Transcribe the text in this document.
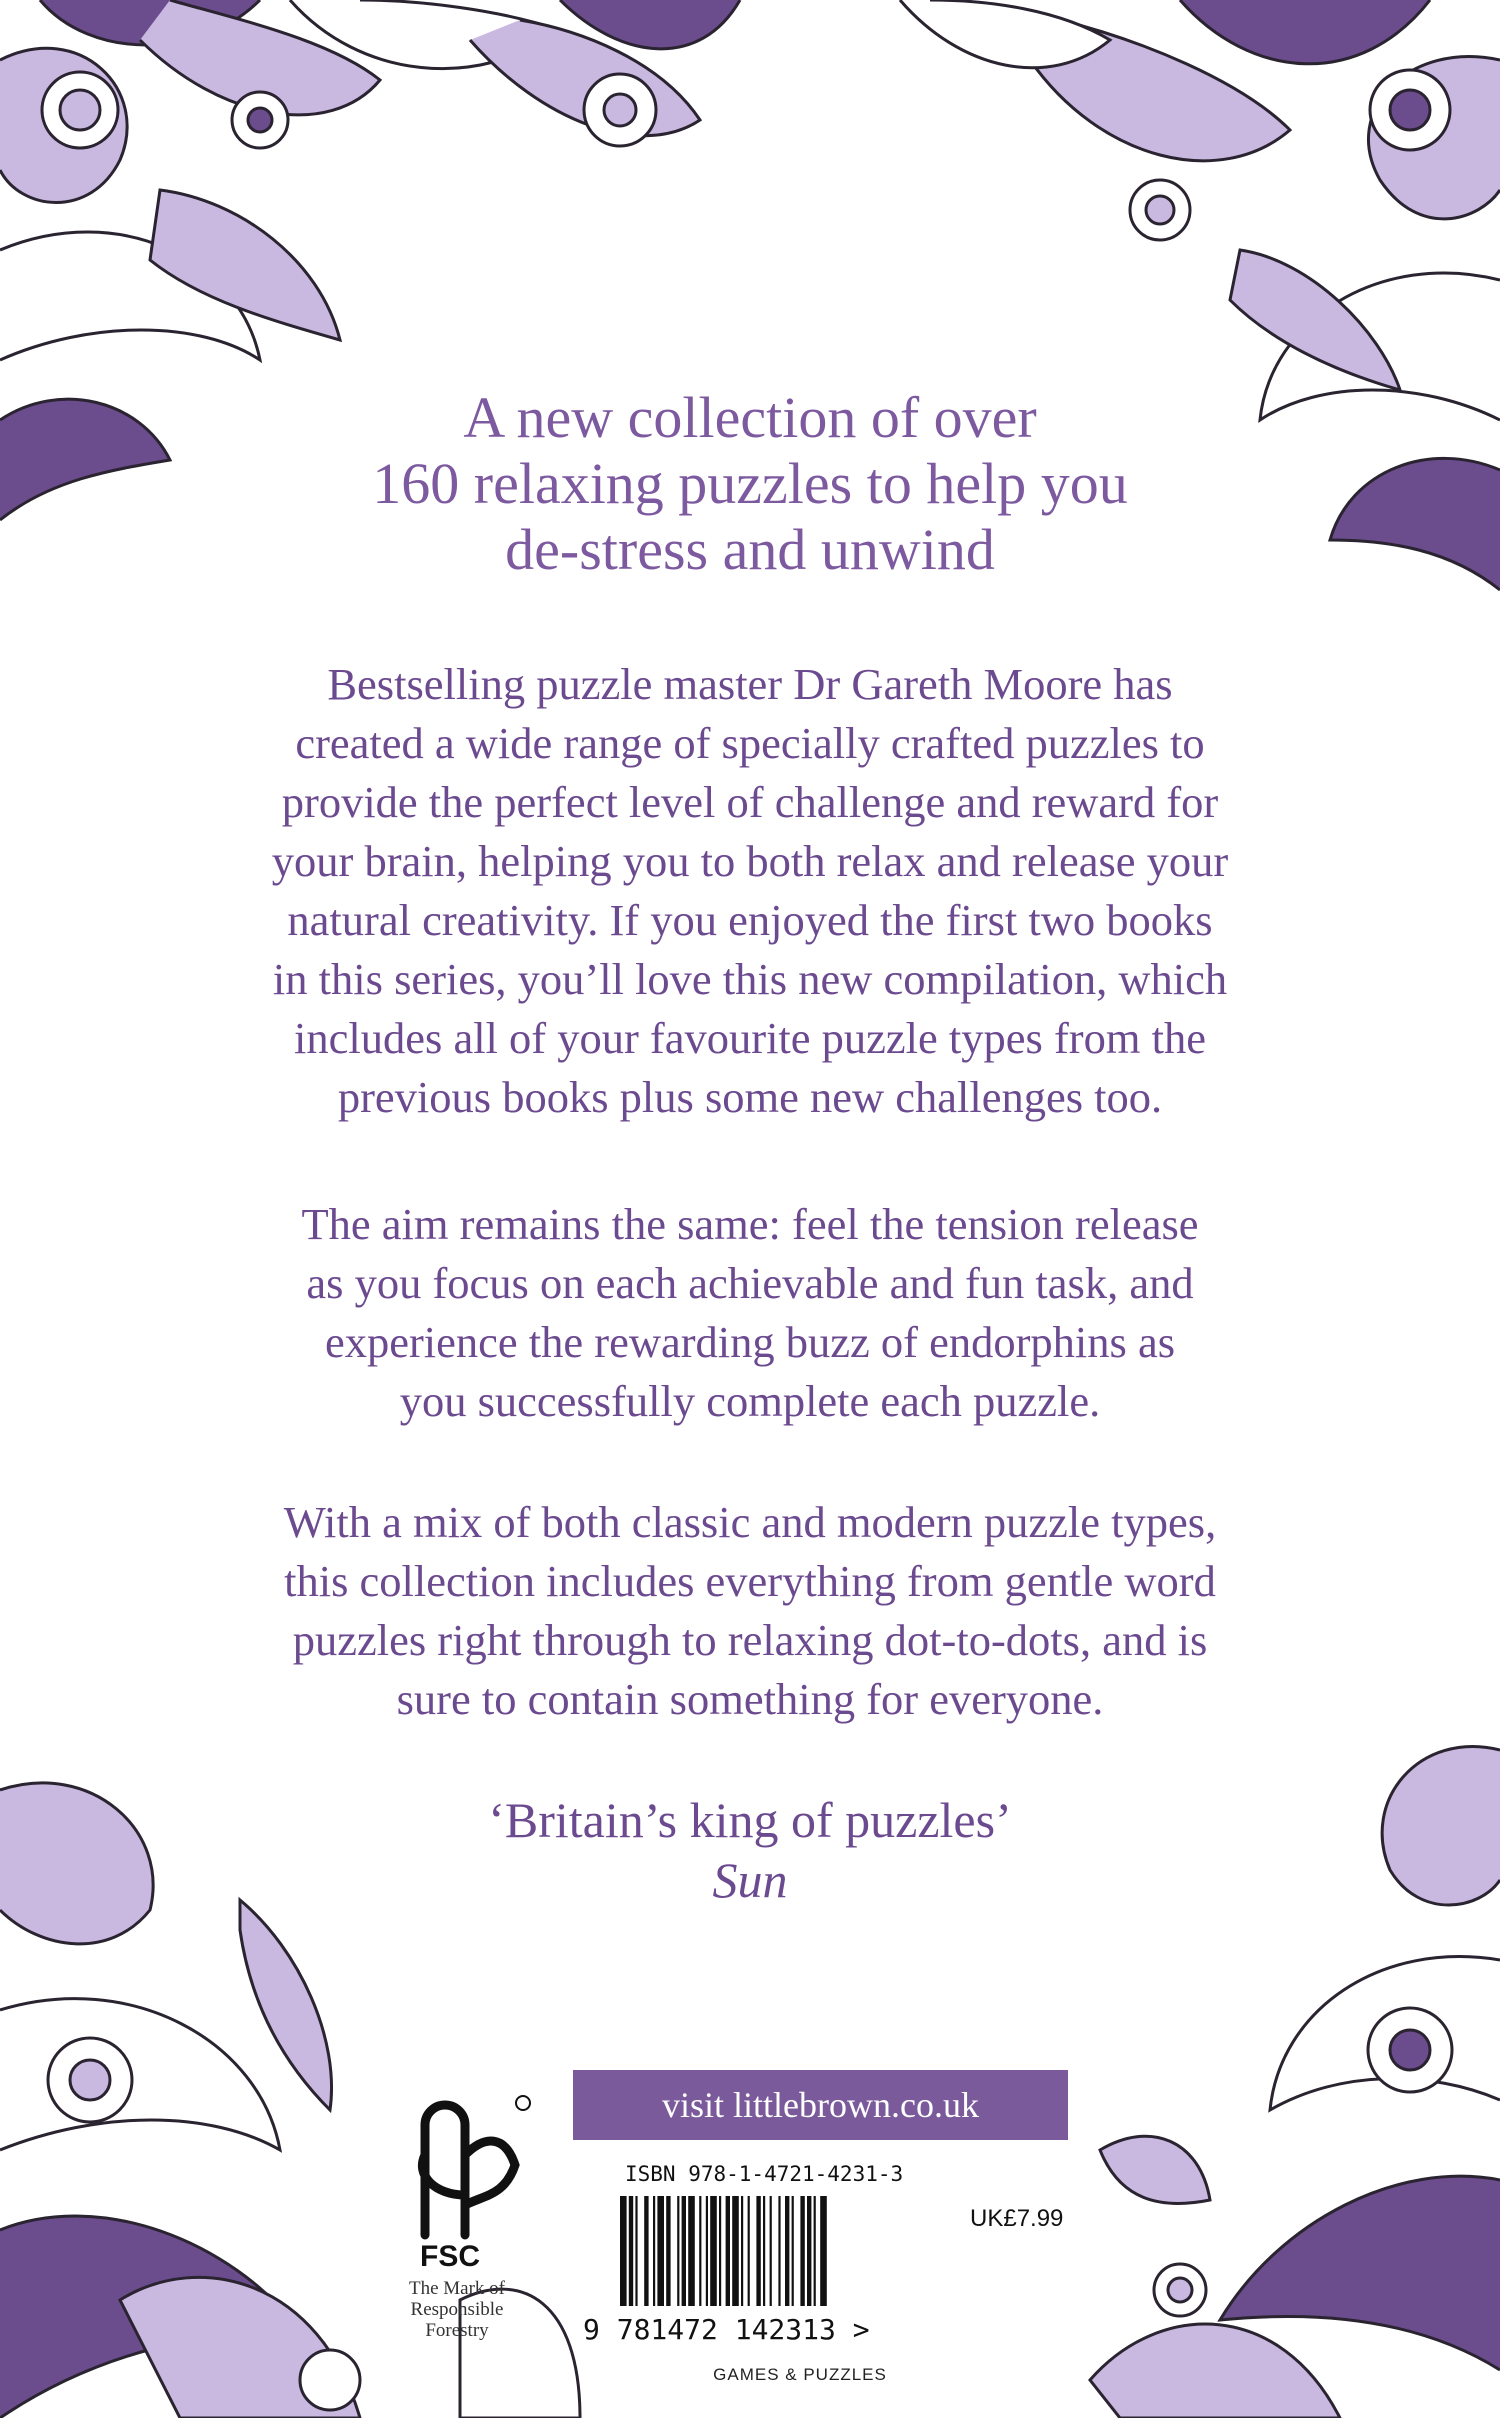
A new collection of over
160 relaxing puzzles to help you
de-stress and unwind
Bestselling puzzle master Dr Gareth Moore has
created a wide range of specially crafted puzzles to
provide the perfect level of challenge and reward for
your brain, helping you to both relax and release your
natural creativity. If you enjoyed the first two books
in this series, you’ll love this new compilation, which
includes all of your favourite puzzle types from the
previous books plus some new challenges too.
The aim remains the same: feel the tension release
as you focus on each achievable and fun task, and
experience the rewarding buzz of endorphins as
you successfully complete each puzzle.
With a mix of both classic and modern puzzle types,
this collection includes everything from gentle word
puzzles right through to relaxing dot-to-dots, and is
sure to contain something for everyone.
‘Britain’s king of puzzles’
Sun
visit littlebrown.co.uk
FSC
The Mark of
Responsible
Forestry
ISBN 978-1-4721-4231-3
UK£7.99
9 781472 142313 >
GAMES & PUZZLES
